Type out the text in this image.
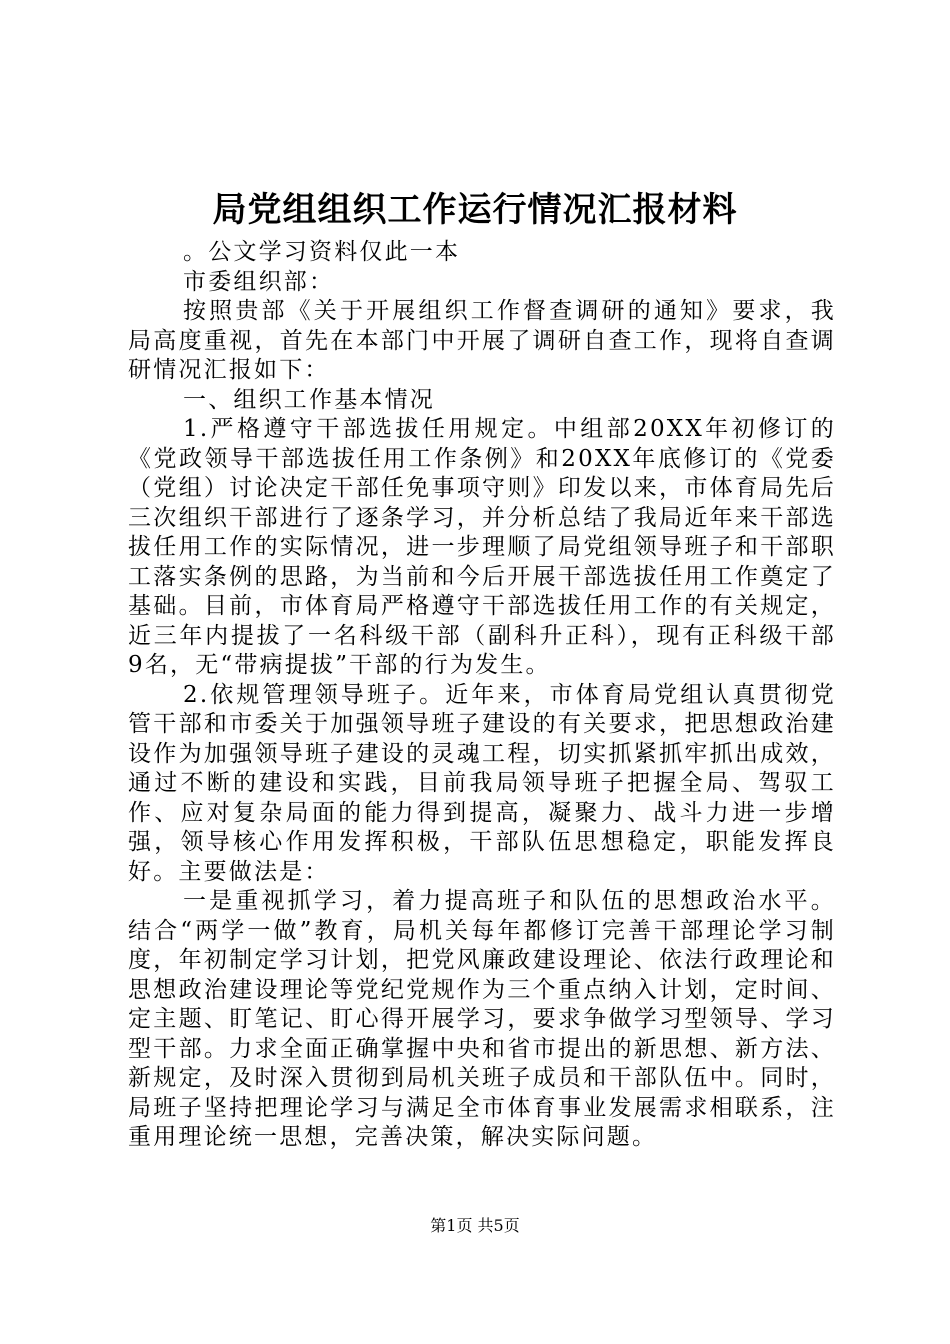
局党组组织工作运行情况汇报材料

。公文学习资料仅此一本

市委组织部：

按照贵部《关于开展组织工作督查调研的通知》要求，我局高度重视，首先在本部门中开展了调研自查工作，现将自查调研情况汇报如下：

一、组织工作基本情况

1.严格遵守干部选拔任用规定。中组部20XX年初修订的《党政领导干部选拔任用工作条例》和20XX年底修订的《党委（党组）讨论决定干部任免事项守则》印发以来，市体育局先后三次组织干部进行了逐条学习，并分析总结了我局近年来干部选拔任用工作的实际情况，进一步理顺了局党组领导班子和干部职工落实条例的思路，为当前和今后开展干部选拔任用工作奠定了基础。目前，市体育局严格遵守干部选拔任用工作的有关规定，近三年内提拔了一名科级干部（副科升正科），现有正科级干部9名，无“带病提拔”干部的行为发生。

2.依规管理领导班子。近年来，市体育局党组认真贯彻党管干部和市委关于加强领导班子建设的有关要求，把思想政治建设作为加强领导班子建设的灵魂工程，切实抓紧抓牢抓出成效，通过不断的建设和实践，目前我局领导班子把握全局、驾驭工作、应对复杂局面的能力得到提高，凝聚力、战斗力进一步增强，领导核心作用发挥积极，干部队伍思想稳定，职能发挥良好。主要做法是：

一是重视抓学习，着力提高班子和队伍的思想政治水平。结合“两学一做”教育，局机关每年都修订完善干部理论学习制度，年初制定学习计划，把党风廉政建设理论、依法行政理论和思想政治建设理论等党纪党规作为三个重点纳入计划，定时间、定主题、盯笔记、盯心得开展学习，要求争做学习型领导、学习型干部。力求全面正确掌握中央和省市提出的新思想、新方法、新规定，及时深入贯彻到局机关班子成员和干部队伍中。同时，局班子坚持把理论学习与满足全市体育事业发展需求相联系，注重用理论统一思想，完善决策，解决实际问题。

第1页 共5页
